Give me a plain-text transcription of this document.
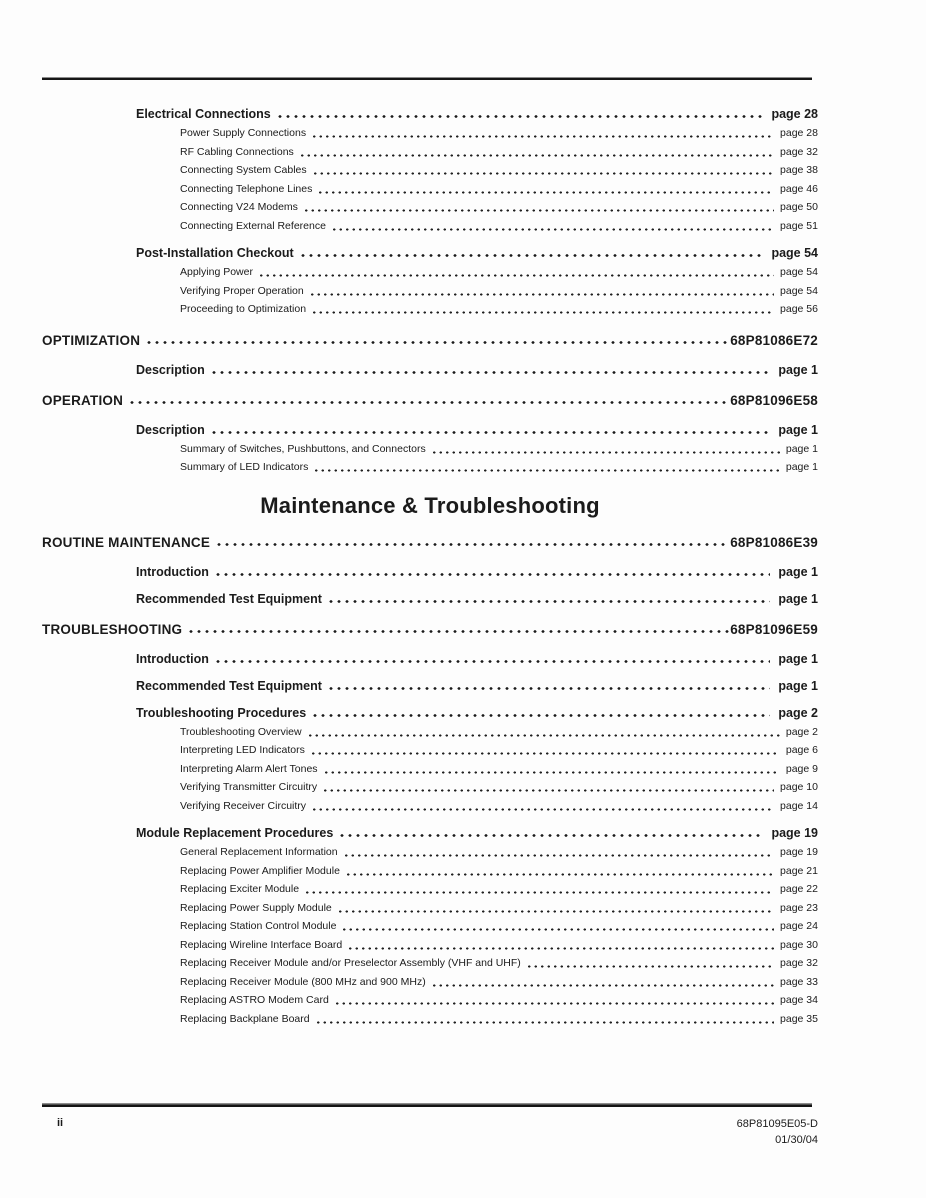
Electrical Connections	page 28
Power Supply Connections	page 28
RF Cabling Connections	page 32
Connecting System Cables	page 38
Connecting Telephone Lines	page 46
Connecting V24 Modems	page 50
Connecting External Reference	page 51
Post-Installation Checkout	page 54
Applying Power	page 54
Verifying Proper Operation	page 54
Proceeding to Optimization	page 56
OPTIMIZATION	68P81086E72
Description	page 1
OPERATION	68P81096E58
Description	page 1
Summary of Switches, Pushbuttons, and Connectors	page 1
Summary of LED Indicators	page 1
Maintenance & Troubleshooting
ROUTINE MAINTENANCE	68P81086E39
Introduction	page 1
Recommended Test Equipment	page 1
TROUBLESHOOTING	68P81096E59
Introduction	page 1
Recommended Test Equipment	page 1
Troubleshooting Procedures	page 2
Troubleshooting Overview	page 2
Interpreting LED Indicators	page 6
Interpreting Alarm Alert Tones	page 9
Verifying Transmitter Circuitry	page 10
Verifying Receiver Circuitry	page 14
Module Replacement Procedures	page 19
General Replacement Information	page 19
Replacing Power Amplifier Module	page 21
Replacing Exciter Module	page 22
Replacing Power Supply Module	page 23
Replacing Station Control Module	page 24
Replacing Wireline Interface Board	page 30
Replacing Receiver Module and/or Preselector Assembly (VHF and UHF)	page 32
Replacing Receiver Module (800 MHz and 900 MHz)	page 33
Replacing ASTRO Modem Card	page 34
Replacing Backplane Board	page 35
ii	68P81095E05-D
01/30/04
